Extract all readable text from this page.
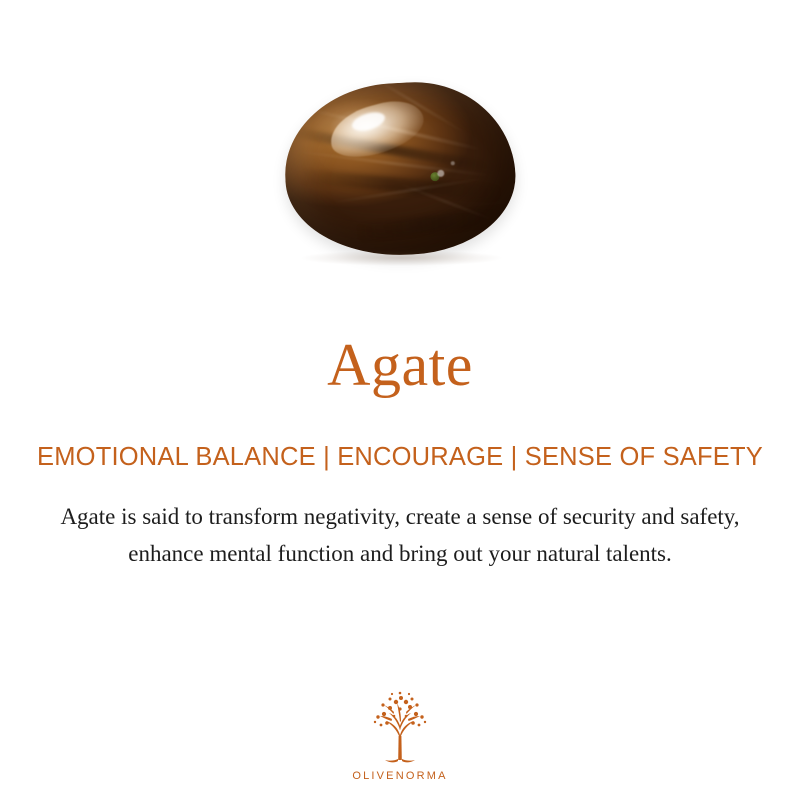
Agate
EMOTIONAL BALANCE | ENCOURAGE | SENSE OF SAFETY

Agate is said to transform negativity, create a sense of security and safety, enhance mental function and bring out your natural talents.

OLIVENORMA
